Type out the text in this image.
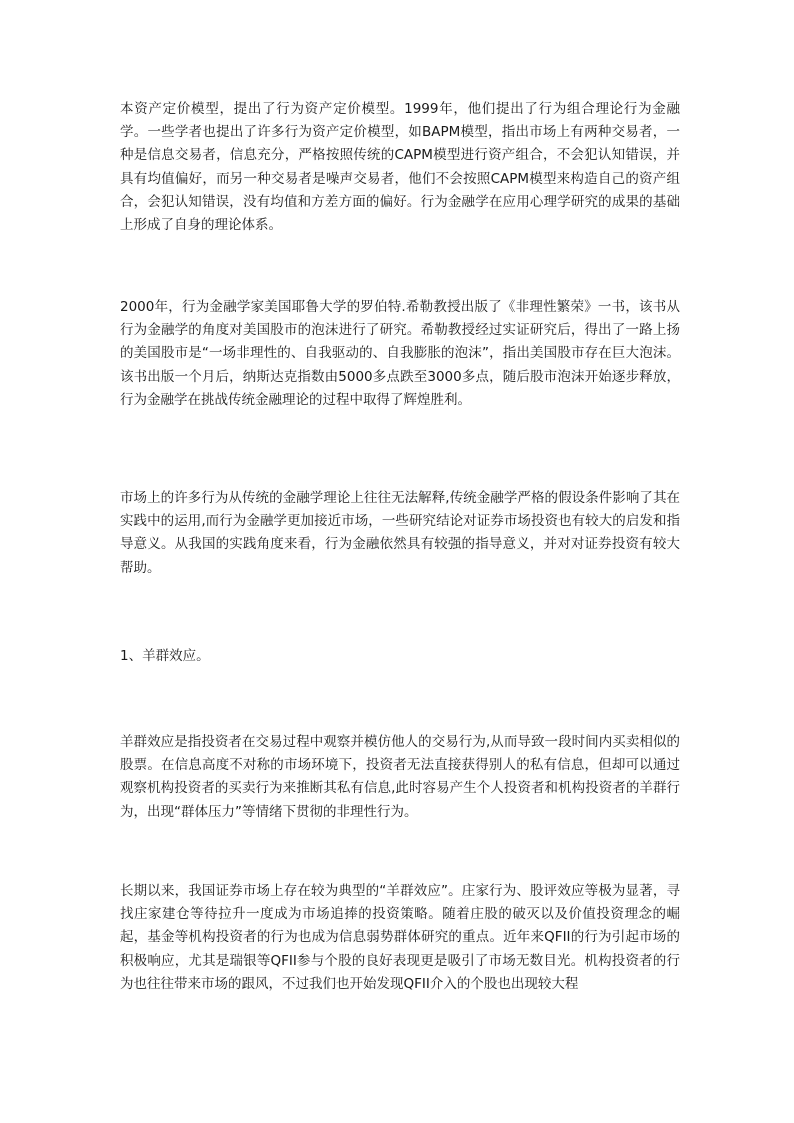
本资产定价模型，提出了行为资产定价模型。1999年，他们提出了行为组合理论行为金融学。一些学者也提出了许多行为资产定价模型，如BAPM模型，指出市场上有两种交易者，一种是信息交易者，信息充分，严格按照传统的CAPM模型进行资产组合，不会犯认知错误，并具有均值偏好，而另一种交易者是噪声交易者，他们不会按照CAPM模型来构造自己的资产组合，会犯认知错误，没有均值和方差方面的偏好。行为金融学在应用心理学研究的成果的基础上形成了自身的理论体系。

2000年，行为金融学家美国耶鲁大学的罗伯特.希勒教授出版了《非理性繁荣》一书，该书从行为金融学的角度对美国股市的泡沫进行了研究。希勒教授经过实证研究后，得出了一路上扬的美国股市是“一场非理性的、自我驱动的、自我膨胀的泡沫”，指出美国股市存在巨大泡沫。该书出版一个月后，纳斯达克指数由5000多点跌至3000多点，随后股市泡沫开始逐步释放，行为金融学在挑战传统金融理论的过程中取得了辉煌胜利。

市场上的许多行为从传统的金融学理论上往往无法解释,传统金融学严格的假设条件影响了其在实践中的运用,而行为金融学更加接近市场，一些研究结论对证券市场投资也有较大的启发和指导意义。从我国的实践角度来看，行为金融依然具有较强的指导意义，并对对证券投资有较大帮助。

1、羊群效应。

羊群效应是指投资者在交易过程中观察并模仿他人的交易行为,从而导致一段时间内买卖相似的股票。在信息高度不对称的市场环境下，投资者无法直接获得别人的私有信息，但却可以通过观察机构投资者的买卖行为来推断其私有信息,此时容易产生个人投资者和机构投资者的羊群行为，出现“群体压力”等情绪下贯彻的非理性行为。

长期以来，我国证券市场上存在较为典型的“羊群效应”。庄家行为、股评效应等极为显著，寻找庄家建仓等待拉升一度成为市场追捧的投资策略。随着庄股的破灭以及价值投资理念的崛起，基金等机构投资者的行为也成为信息弱势群体研究的重点。近年来QFII的行为引起市场的积极响应，尤其是瑞银等QFII参与个股的良好表现更是吸引了市场无数目光。机构投资者的行为也往往带来市场的跟风，不过我们也开始发现QFII介入的个股也出现较大程
